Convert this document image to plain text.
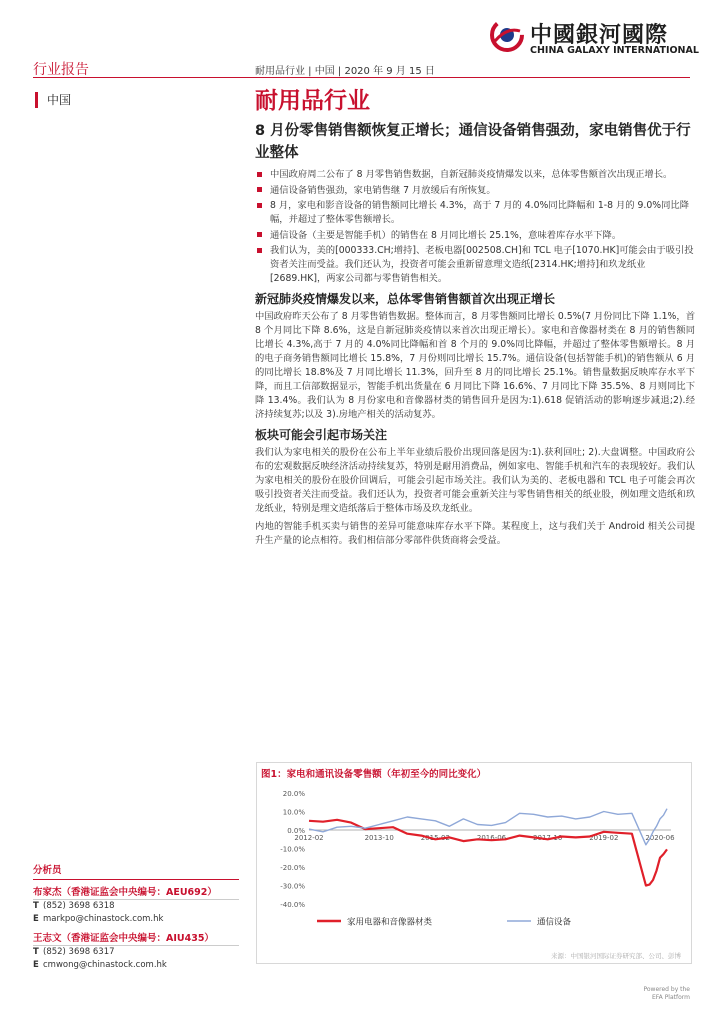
中國銀河國際
CHINA GALAXY INTERNATIONAL
行业报告	耐用品行业 | 中国 | 2020 年 9 月 15 日
中国	耐用品行业
8 月份零售销售额恢复正增长；通信设备销售强劲，家电销售优于行业整体
中国政府周二公布了 8 月零售销售数据，自新冠肺炎疫情爆发以来，总体零售额首次出现正增长。
通信设备销售强劲，家电销售继 7 月放缓后有所恢复。
8 月，家电和影音设备的销售额同比增长 4.3%，高于 7 月的 4.0%同比降幅和 1-8 月的 9.0%同比降幅，并超过了整体零售额增长。
通信设备（主要是智能手机）的销售在 8 月同比增长 25.1%，意味着库存水平下降。
我们认为，美的[000333.CH;增持]、老板电器[002508.CH]和 TCL 电子[1070.HK]可能会由于吸引投资者关注而受益。我们还认为，投资者可能会重新留意理文造纸[2314.HK;增持]和玖龙纸业[2689.HK]，两家公司都与零售销售相关。
新冠肺炎疫情爆发以来，总体零售销售额首次出现正增长
中国政府昨天公布了 8 月零售销售数据。整体而言，8 月零售额同比增长 0.5%(7 月份同比下降 1.1%，首 8 个月同比下降 8.6%，这是自新冠肺炎疫情以来首次出现正增长）。家电和音像器材类在 8 月的销售额同比增长 4.3%,高于 7 月的 4.0%同比降幅和首 8 个月的 9.0%同比降幅，并超过了整体零售额增长。8 月的电子商务销售额同比增长 15.8%，7 月份则同比增长 15.7%。通信设备(包括智能手机)的销售额从 6 月的同比增长 18.8%及 7 月同比增长 11.3%，回升至 8 月的同比增长 25.1%。销售量数据反映库存水平下降，而且工信部数据显示，智能手机出货量在 6 月同比下降 16.6%、7 月同比下降 35.5%、8 月则同比下降 13.4%。我们认为 8 月份家电和音像器材类的销售回升是因为:1).618 促销活动的影响逐步减退;2).经济持续复苏;以及 3).房地产相关的活动复苏。
板块可能会引起市场关注
我们认为家电相关的股份在公布上半年业绩后股价出现回落是因为:1).获利回吐; 2).大盘调整。中国政府公布的宏观数据反映经济活动持续复苏，特别是耐用消费品，例如家电、智能手机和汽车的表现较好。我们认为家电相关的股份在股价回调后，可能会引起市场关注。我们认为美的、老板电器和 TCL 电子可能会再次吸引投资者关注而受益。我们还认为，投资者可能会重新关注与零售销售相关的纸业股，例如理文造纸和玖龙纸业，特别是理文造纸落后于整体市场及玖龙纸业。
内地的智能手机买卖与销售的差异可能意味库存水平下降。某程度上，这与我们关于 Android 相关公司提升生产量的论点相符。我们相信部分零部件供货商将会受益。
图1：家电和通讯设备零售额（年初至今的同比变化）
20.0%
10.0%
0.0%
-10.0%
-20.0%
-30.0%
-40.0%
2012-02	2013-10	2015-02	2016-06	2017-10	2019-02	2020-06
家用电器和音像器材类	通信设备
来源：中国银河国际证券研究部、公司、彭博
分析员
布家杰（香港证监会中央编号：AEU692）
T (852) 3698 6318
E markpo@chinastock.com.hk
王志文（香港证监会中央编号：AIU435）
T (852) 3698 6317
E cmwong@chinastock.com.hk
Powered by the
EFA Platform
